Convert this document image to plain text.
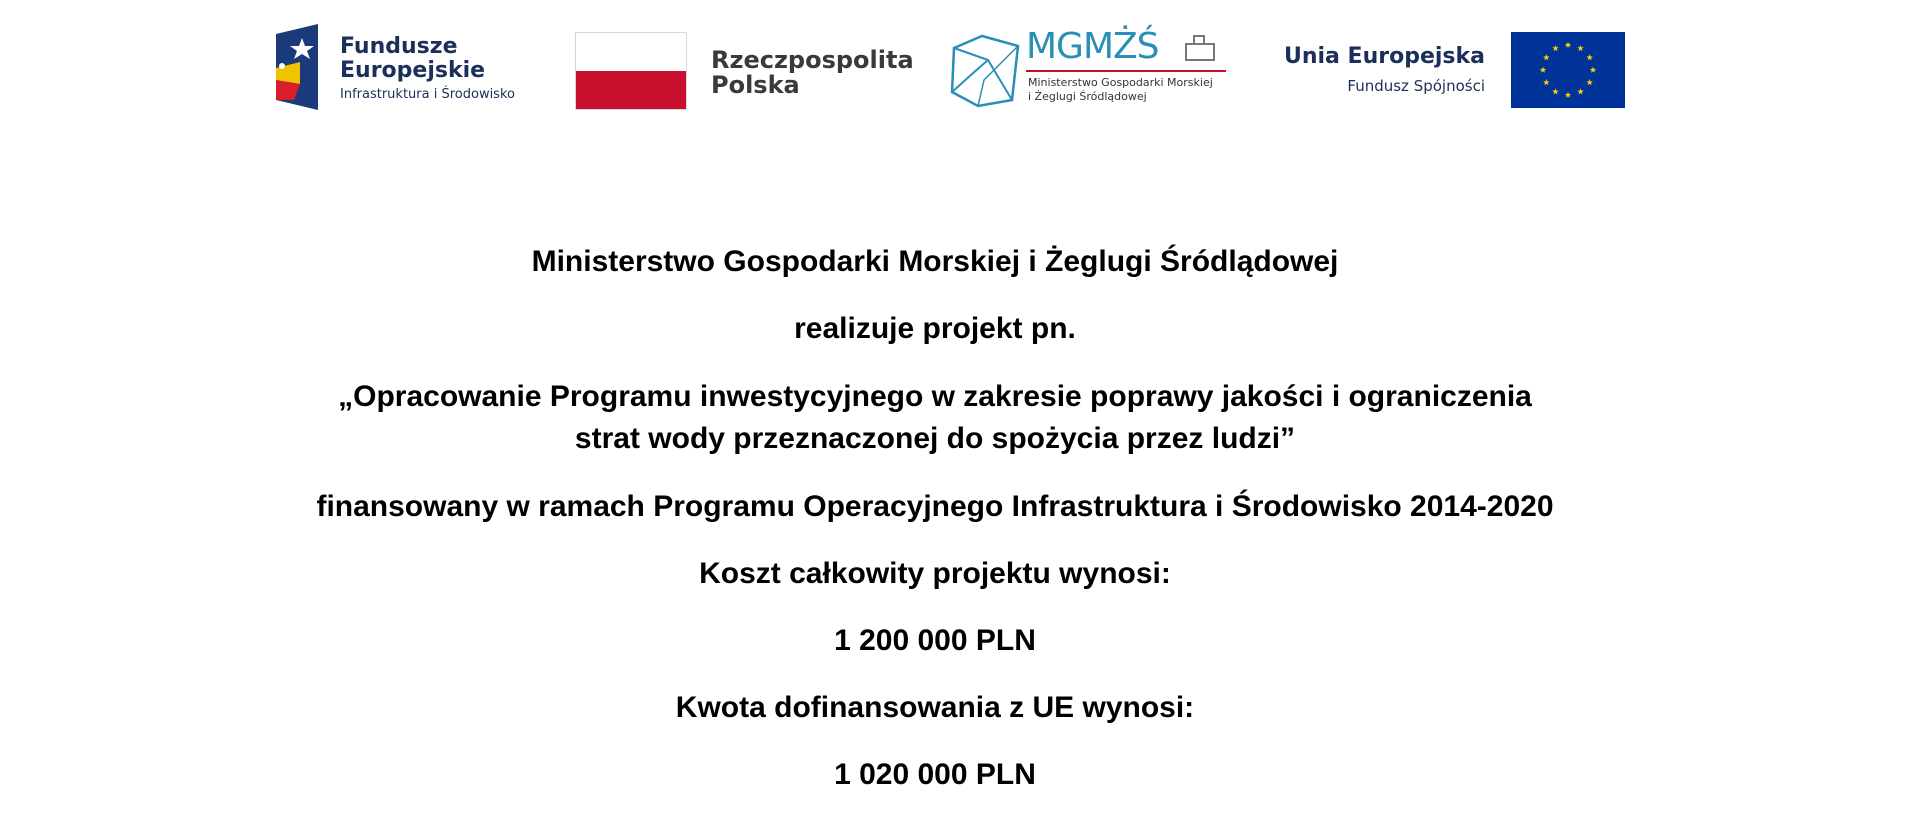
Fundusze
Europejskie
Infrastruktura i Środowisko
Rzeczpospolita
Polska
MGMŻŚ
Ministerstwo Gospodarki Morskiej
i Żeglugi Śródlądowej
Unia Europejska
Fundusz Spójności

Ministerstwo Gospodarki Morskiej i Żeglugi Śródlądowej

realizuje projekt pn.

„Opracowanie Programu inwestycyjnego w zakresie poprawy jakości i ograniczenia
strat wody przeznaczonej do spożycia przez ludzi”

finansowany w ramach Programu Operacyjnego Infrastruktura i Środowisko 2014-2020

Koszt całkowity projektu wynosi:

1 200 000 PLN

Kwota dofinansowania z UE wynosi:

1 020 000 PLN
